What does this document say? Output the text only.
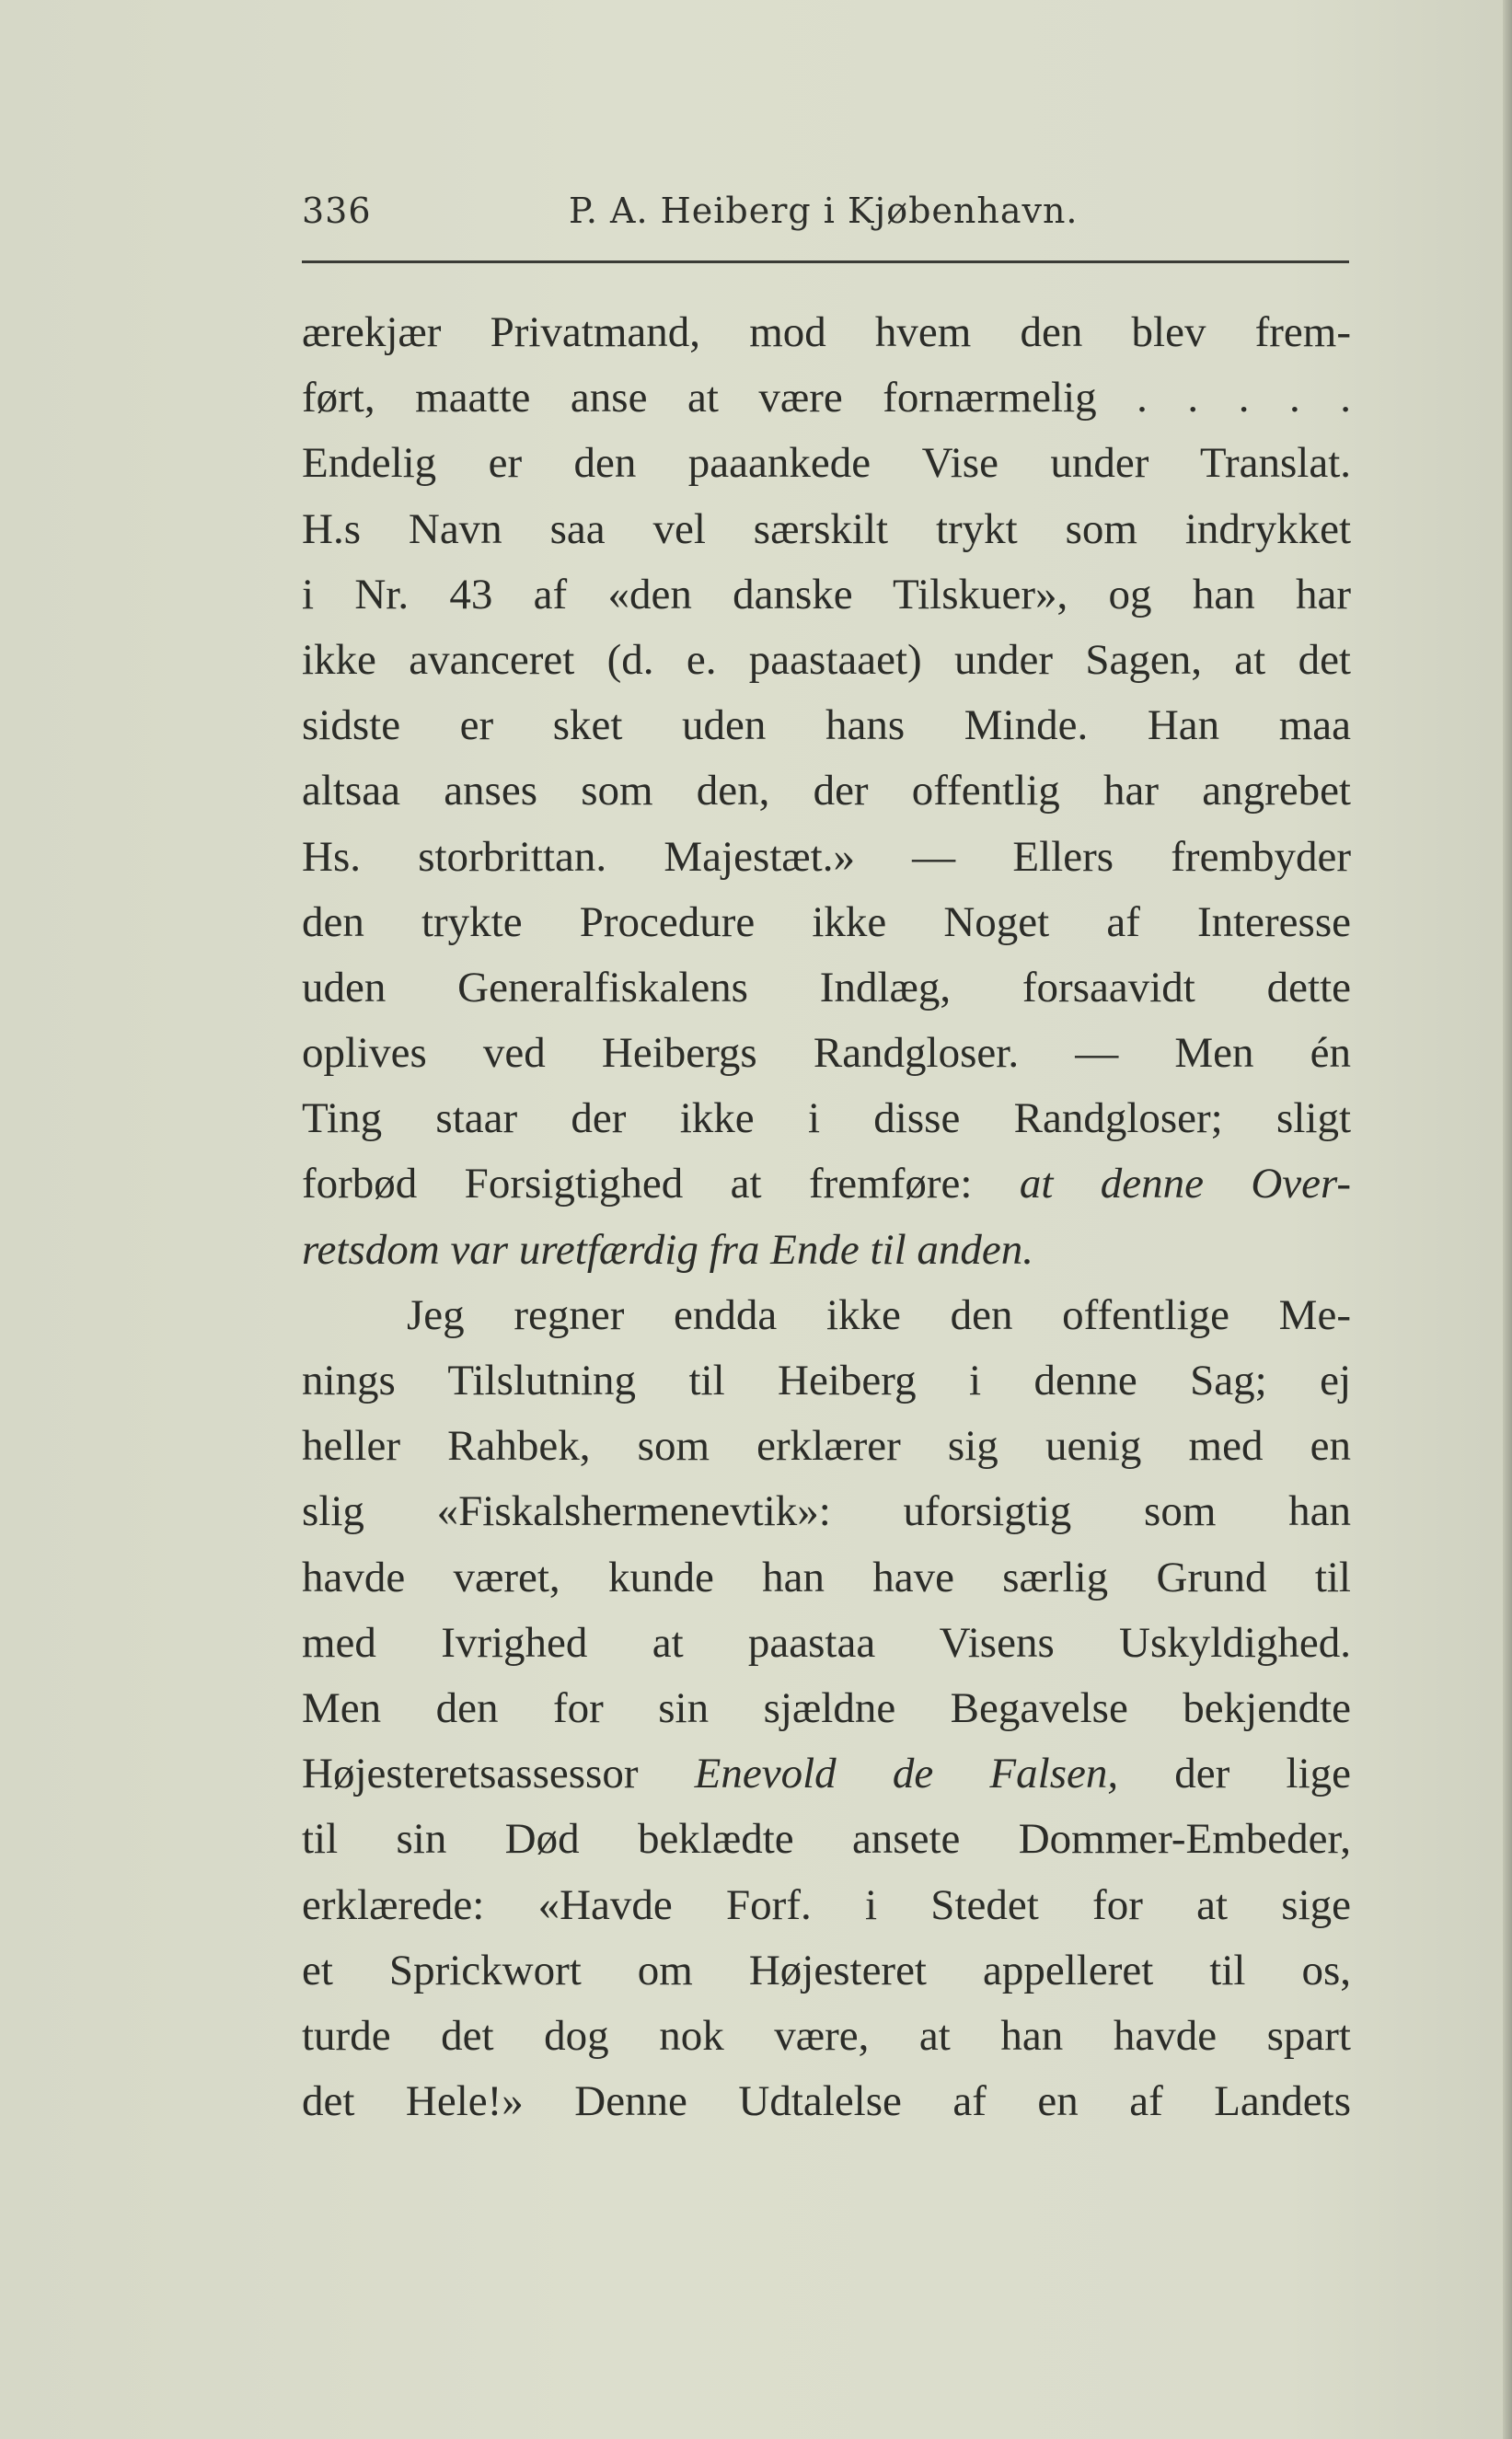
336	P. A. Heiberg i Kjøbenhavn.
ærekjær Privatmand, mod hvem den blev frem-
ført, maatte anse at være fornærmelig . . . . .
Endelig er den paaankede Vise under Translat.
H.s Navn saa vel særskilt trykt som indrykket
i Nr. 43 af «den danske Tilskuer», og han har
ikke avanceret (d. e. paastaaet) under Sagen, at det
sidste er sket uden hans Minde. Han maa
altsaa anses som den, der offentlig har angrebet
Hs. storbrittan. Majestæt.» — Ellers frembyder
den trykte Procedure ikke Noget af Interesse
uden Generalfiskalens Indlæg, forsaavidt dette
oplives ved Heibergs Randgloser. — Men én
Ting staar der ikke i disse Randgloser; sligt
forbød Forsigtighed at fremføre: at denne Over-
retsdom var uretfærdig fra Ende til anden.
Jeg regner endda ikke den offentlige Me-
nings Tilslutning til Heiberg i denne Sag; ej
heller Rahbek, som erklærer sig uenig med en
slig «Fiskalshermenevtik»: uforsigtig som han
havde været, kunde han have særlig Grund til
med Ivrighed at paastaa Visens Uskyldighed.
Men den for sin sjældne Begavelse bekjendte
Højesteretsassessor Enevold de Falsen, der lige
til sin Død beklædte ansete Dommer-Embeder,
erklærede: «Havde Forf. i Stedet for at sige
et Sprickwort om Højesteret appelleret til os,
turde det dog nok være, at han havde spart
det Hele!» Denne Udtalelse af en af Landets
